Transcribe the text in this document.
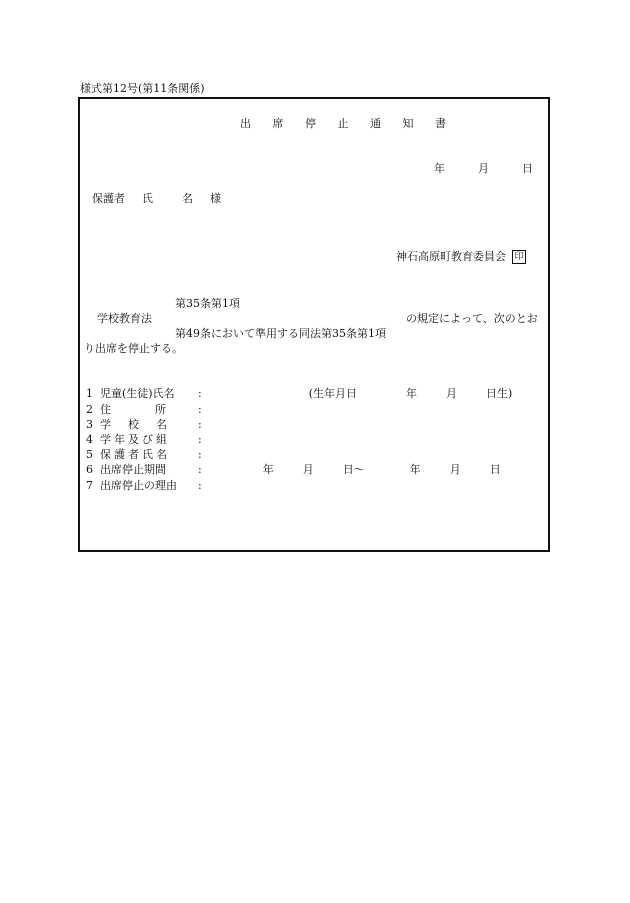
様式第12号(第11条関係)
出 席 停 止 通 知 書
年	月	日
保護者 氏	名 様
神石高原町教育委員会 印
第35条第1項
学校教育法	の規定によって、次のとお
第49条において準用する同法第35条第1項
り出席を停止する。
1 児童(生徒)氏名 :	(生年月日	年	月	日生)
2 住　　　　所	:
3 学　校　名	:
4 学年及び組	:
5 保護者氏名	:
6 出席停止期間	:	年	月	日～	年	月	日
7 出席停止の理由 :
